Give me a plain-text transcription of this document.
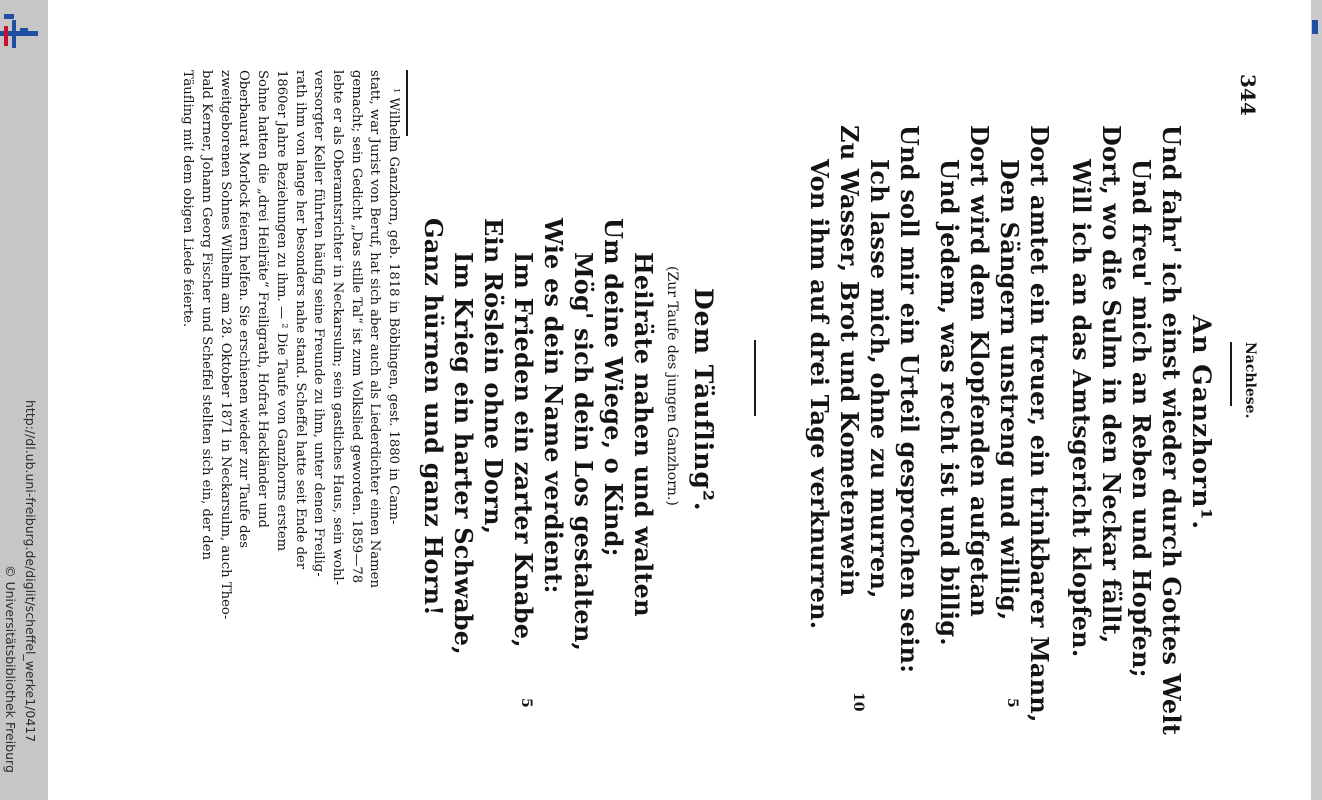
http://dl.ub.uni-freiburg.de/diglit/scheffel_werke1/0417
© Universitätsbibliothek Freiburg
344
Nachlese.
An Ganzhorn¹.
Und fahr' ich einst wieder durch Gottes Welt
Und freu' mich an Reben und Hopfen;
Dort, wo die Sulm in den Neckar fällt,
Will ich an das Amtsgericht klopfen.
Dort amtet ein treuer, ein trinkbarer Mann,
Den Sängern unstreng und willig,
Dort wird dem Klopfenden aufgetan
Und jedem, was recht ist und billig.
Und soll mir ein Urteil gesprochen sein:
Ich lasse mich, ohne zu murren,
Zu Wasser, Brot und Kometenwein
Von ihm auf drei Tage verknurren.
5
10
Dem Täufling².
(Zur Taufe des jungen Ganzhorn.)
Heilräte nahen und walten
Um deine Wiege, o Kind;
Mög' sich dein Los gestalten,
Wie es dein Name verdient:
Im Frieden ein zarter Knabe,
Ein Röslein ohne Dorn,
Im Krieg ein harter Schwabe,
Ganz hürnen und ganz Horn!
5
¹ Wilhelm Ganzhorn, geb. 1818 in Böblingen, gest. 1880 in Cann-
statt, war Jurist von Beruf, hat sich aber auch als Liederdichter einen Namen
gemacht; sein Gedicht „Das stille Tal“ ist zum Volkslied geworden. 1859—78
lebte er als Oberamtsrichter in Neckarsulm; sein gastliches Haus, sein wohl-
versorgter Keller führten häufig seine Freunde zu ihm, unter denen Freilig-
rath ihm von lange her besonders nahe stand. Scheffel hatte seit Ende der
1860er Jahre Beziehungen zu ihm. — ² Die Taufe von Ganzhorns erstem
Sohne hatten die „drei Heilräte“ Freiligrath, Hofrat Hackländer und
Oberbaurat Morlock feiern helfen. Sie erschienen wieder zur Taufe des
zweitgeborenen Sohnes Wilhelm am 28. Oktober 1871 in Neckarsulm, auch Theo-
bald Kerner, Johann Georg Fischer und Scheffel stellten sich ein, der den
Täufling mit dem obigen Liede feierte.
